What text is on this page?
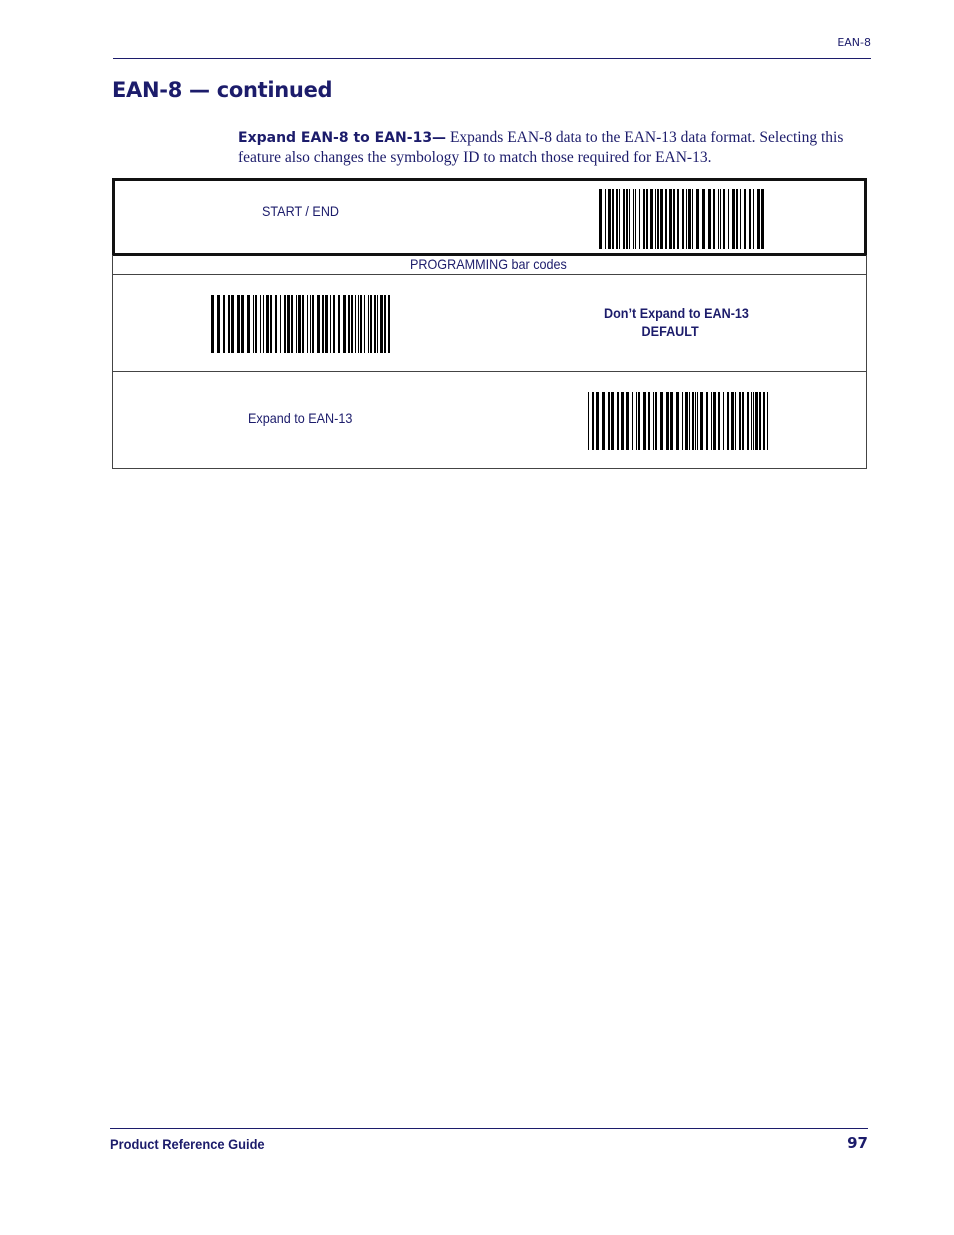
EAN-8
EAN-8 — continued
Expand EAN-8 to EAN-13— Expands EAN-8 data to the EAN-13 data format. Selecting this feature also changes the symbology ID to match those required for EAN-13.
START / END
PROGRAMMING bar codes
Don’t Expand to EAN-13
DEFAULT
Expand to EAN-13
Product Reference Guide	97
